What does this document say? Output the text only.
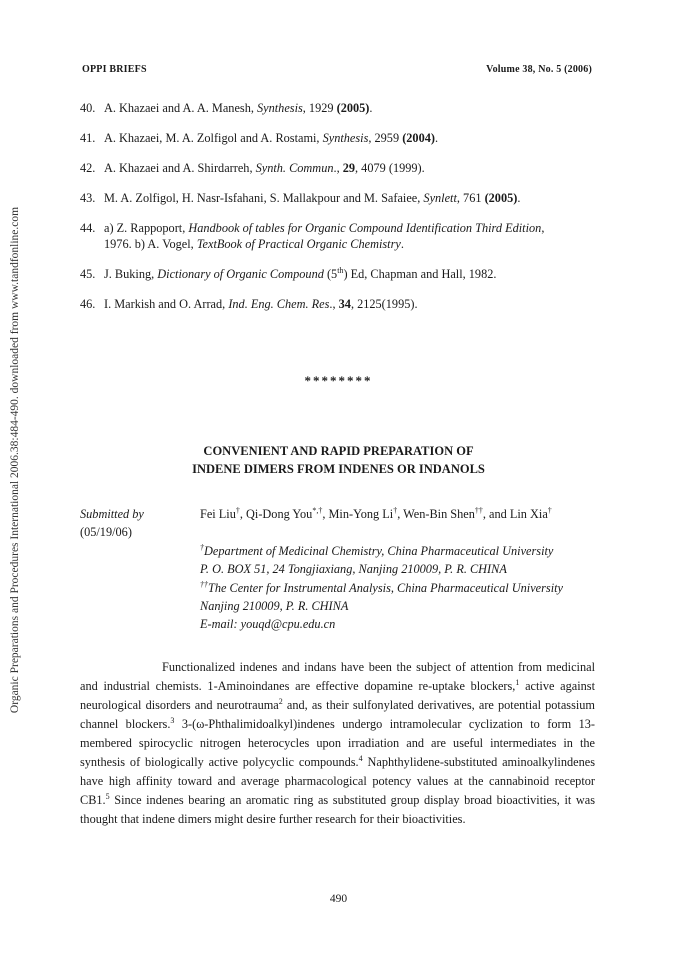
Organic Preparations and Procedures International 2006.38:484-490. downloaded from www.tandfonline.com
OPPI BRIEFS	Volume 38, No. 5 (2006)
40. A. Khazaei and A. A. Manesh, Synthesis, 1929 (2005).
41. A. Khazaei, M. A. Zolfigol and A. Rostami, Synthesis, 2959 (2004).
42. A. Khazaei and A. Shirdarreh, Synth. Commun., 29, 4079 (1999).
43. M. A. Zolfigol, H. Nasr-Isfahani, S. Mallakpour and M. Safaiee, Synlett, 761 (2005).
44. a) Z. Rappoport, Handbook of tables for Organic Compound Identification Third Edition,
1976. b) A. Vogel, TextBook of Practical Organic Chemistry.
45. J. Buking, Dictionary of Organic Compound (5th) Ed, Chapman and Hall, 1982.
46. I. Markish and O. Arrad, Ind. Eng. Chem. Res., 34, 2125(1995).
********
CONVENIENT AND RAPID PREPARATION OF
INDENE DIMERS FROM INDENES OR INDANOLS
Submitted by
(05/19/06)
Fei Liu†, Qi-Dong You*,†, Min-Yong Li†, Wen-Bin Shen††, and Lin Xia†
†Department of Medicinal Chemistry, China Pharmaceutical University
P. O. BOX 51, 24 Tongjiaxiang, Nanjing 210009, P. R. CHINA
††The Center for Instrumental Analysis, China Pharmaceutical University
Nanjing 210009, P. R. CHINA
E-mail: youqd@cpu.edu.cn

Functionalized indenes and indans have been the subject of attention from medicinal and industrial chemists. 1-Aminoindanes are effective dopamine re-uptake blockers,$^1$ active against neurological disorders and neurotrauma$^2$ and, as their sulfonylated derivatives, are potential potassium channel blockers.$^3$ 3-(ω-Phthalimidoalkyl)indenes undergo intramolecular cyclization to form 13-membered spirocyclic nitrogen heterocycles upon irradiation and are useful intermediates in the synthesis of biologically active polycyclic compounds.$^4$ Naphthylidene-substituted aminoalkylindenes have high affinity toward and average pharmacological potency values at the cannabinoid receptor CB1.$^5$ Since indenes bearing an aromatic ring as substituted group display broad bioactivities, it was thought that indene dimers might desire further research for their bioactivities.

490
